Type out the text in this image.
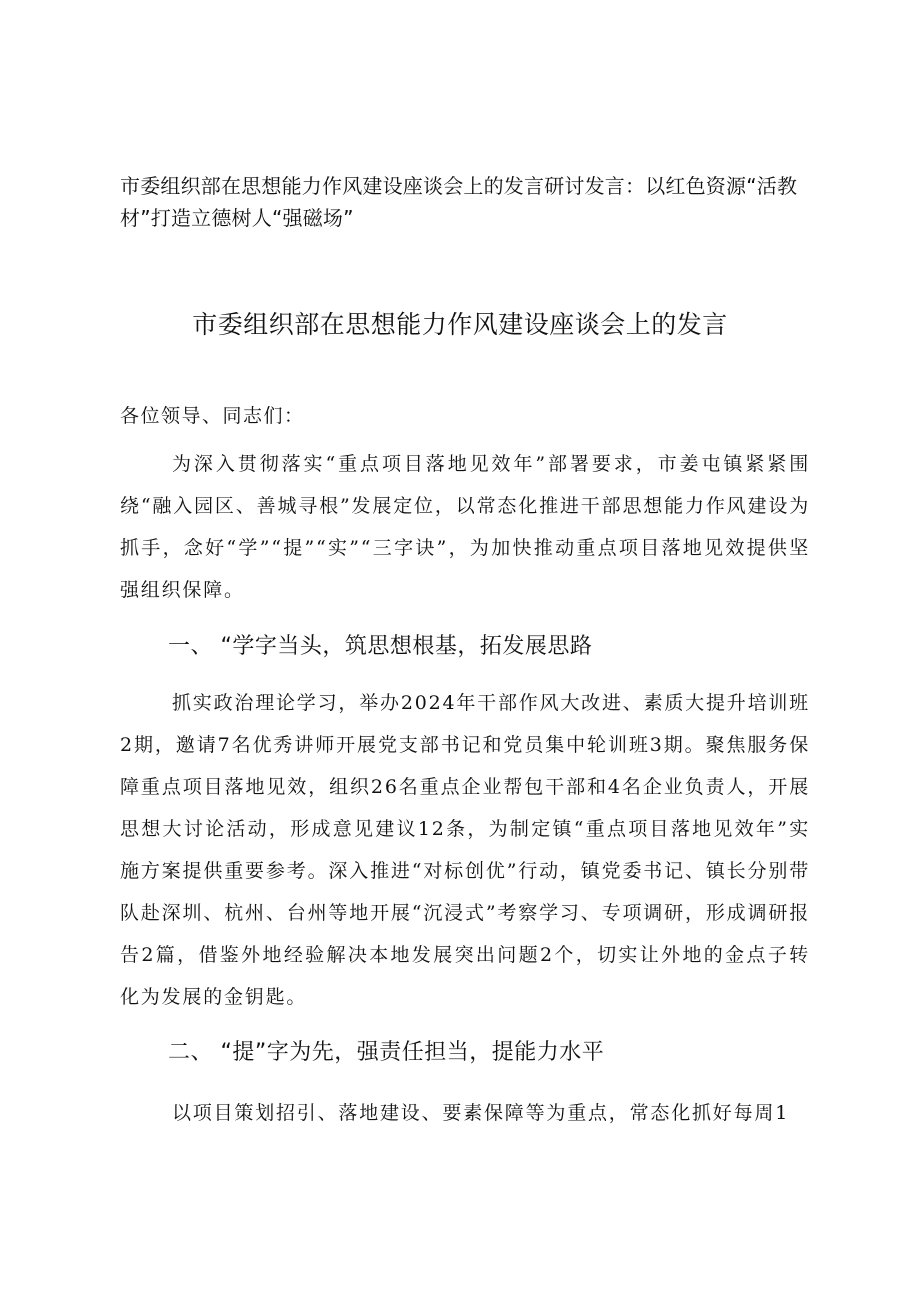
市委组织部在思想能力作风建设座谈会上的发言研讨发言：以红色资源“活教材”打造立德树人“强磁场”
市委组织部在思想能力作风建设座谈会上的发言
各位领导、同志们：
为深入贯彻落实“重点项目落地见效年”部署要求，市姜屯镇紧紧围绕“融入园区、善城寻根”发展定位，以常态化推进干部思想能力作风建设为抓手，念好“学”“提”“实”“三字诀”，为加快推动重点项目落地见效提供坚强组织保障。
一、 “学字当头，筑思想根基，拓发展思路
抓实政治理论学习，举办2024年干部作风大改进、素质大提升培训班2期，邀请7名优秀讲师开展党支部书记和党员集中轮训班3期。聚焦服务保障重点项目落地见效，组织26名重点企业帮包干部和4名企业负责人，开展思想大讨论活动，形成意见建议12条，为制定镇“重点项目落地见效年”实施方案提供重要参考。深入推进“对标创优”行动，镇党委书记、镇长分别带队赴深圳、杭州、台州等地开展“沉浸式”考察学习、专项调研，形成调研报告2篇，借鉴外地经验解决本地发展突出问题2个，切实让外地的金点子转化为发展的金钥匙。
二、 “提”字为先，强责任担当，提能力水平
以项目策划招引、落地建设、要素保障等为重点，常态化抓好每周1
